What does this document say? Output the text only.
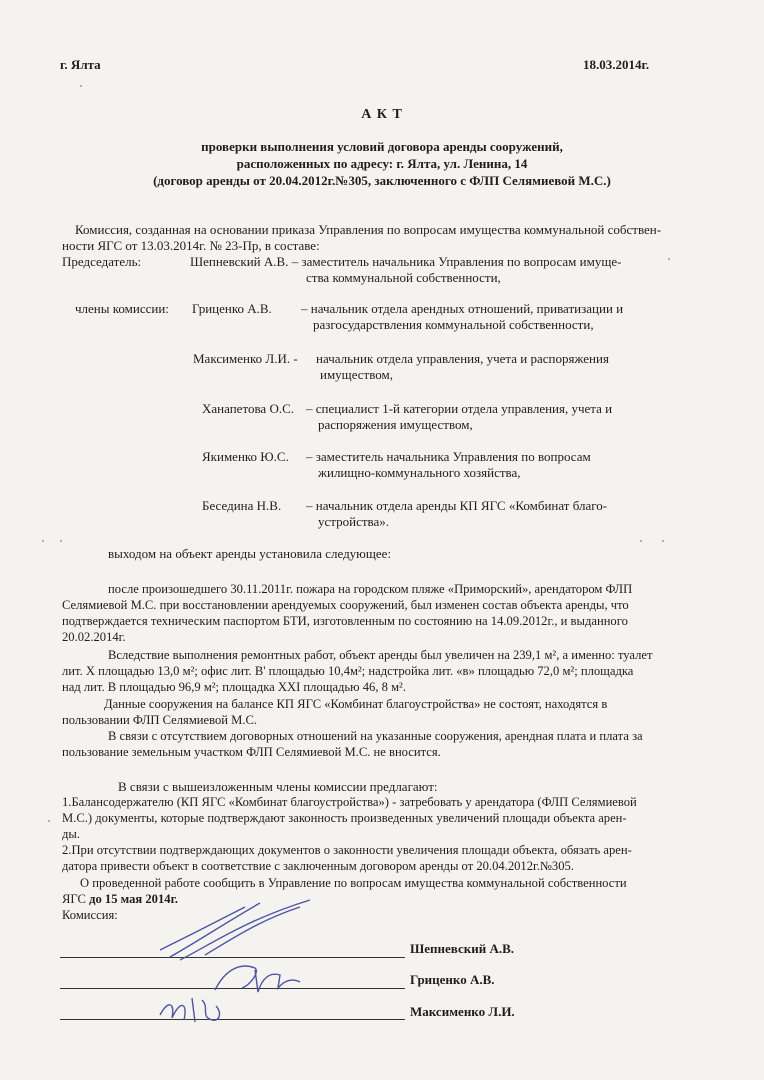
г. Ялта	18.03.2014г.
А К Т
проверки выполнения условий договора аренды сооружений,
расположенных по адресу: г. Ялта, ул. Ленина, 14
(договор аренды от 20.04.2012г.№305, заключенного с ФЛП Селямиевой М.С.)
Комиссия, созданная на основании приказа Управления по вопросам имущества коммунальной собствен-
ности ЯГС от 13.03.2014г. № 23-Пр, в составе:
Председатель:	Шепневский А.В. – заместитель начальника Управления по вопросам имуще-
ства коммунальной собственности,
члены комиссии: Гриценко А.В. – начальник отдела арендных отношений, приватизации и
разгосударствления коммунальной собственности,
Максименко Л.И. - начальник отдела управления, учета и распоряжения
имуществом,
Ханапетова О.С. – специалист 1-й категории отдела управления, учета и
распоряжения имуществом,
Якименко Ю.С. – заместитель начальника Управления по вопросам
жилищно-коммунального хозяйства,
Беседина Н.В. – начальник отдела аренды КП ЯГС «Комбинат благо-
устройства».
выходом на объект аренды установила следующее:
после произошедшего 30.11.2011г. пожара на городском пляже «Приморский», арендатором ФЛП
Селямиевой М.С. при восстановлении арендуемых сооружений, был изменен состав объекта аренды, что
подтверждается техническим паспортом БТИ, изготовленным по состоянию на 14.09.2012г., и выданного
20.02.2014г.
Вследствие выполнения ремонтных работ, объект аренды был увеличен на 239,1 м², а именно: туалет
лит. Х площадью 13,0 м²; офис лит. В' площадью 10,4м²; надстройка лит. «в» площадью 72,0 м²; площадка
над лит. В площадью 96,9 м²; площадка XXI площадью 46, 8 м².
Данные сооружения на балансе КП ЯГС «Комбинат благоустройства» не состоят, находятся в
пользовании ФЛП Селямиевой М.С.
В связи с отсутствием договорных отношений на указанные сооружения, арендная плата и плата за
пользование земельным участком ФЛП Селямиевой М.С. не вносится.
В связи с вышеизложенным члены комиссии предлагают:
1.Балансодержателю (КП ЯГС «Комбинат благоустройства») - затребовать у арендатора (ФЛП Селямиевой
М.С.) документы, которые подтверждают законность произведенных увеличений площади объекта арен-
ды.
2.При отсутствии подтверждающих документов о законности увеличения площади объекта, обязать арен-
датора привести объект в соответствие с заключенным договором аренды от 20.04.2012г.№305.
О проведенной работе сообщить в Управление по вопросам имущества коммунальной собственности
ЯГС до 15 мая 2014г.
Комиссия:
Шепневский А.В.
Гриценко А.В.
Максименко Л.И.
